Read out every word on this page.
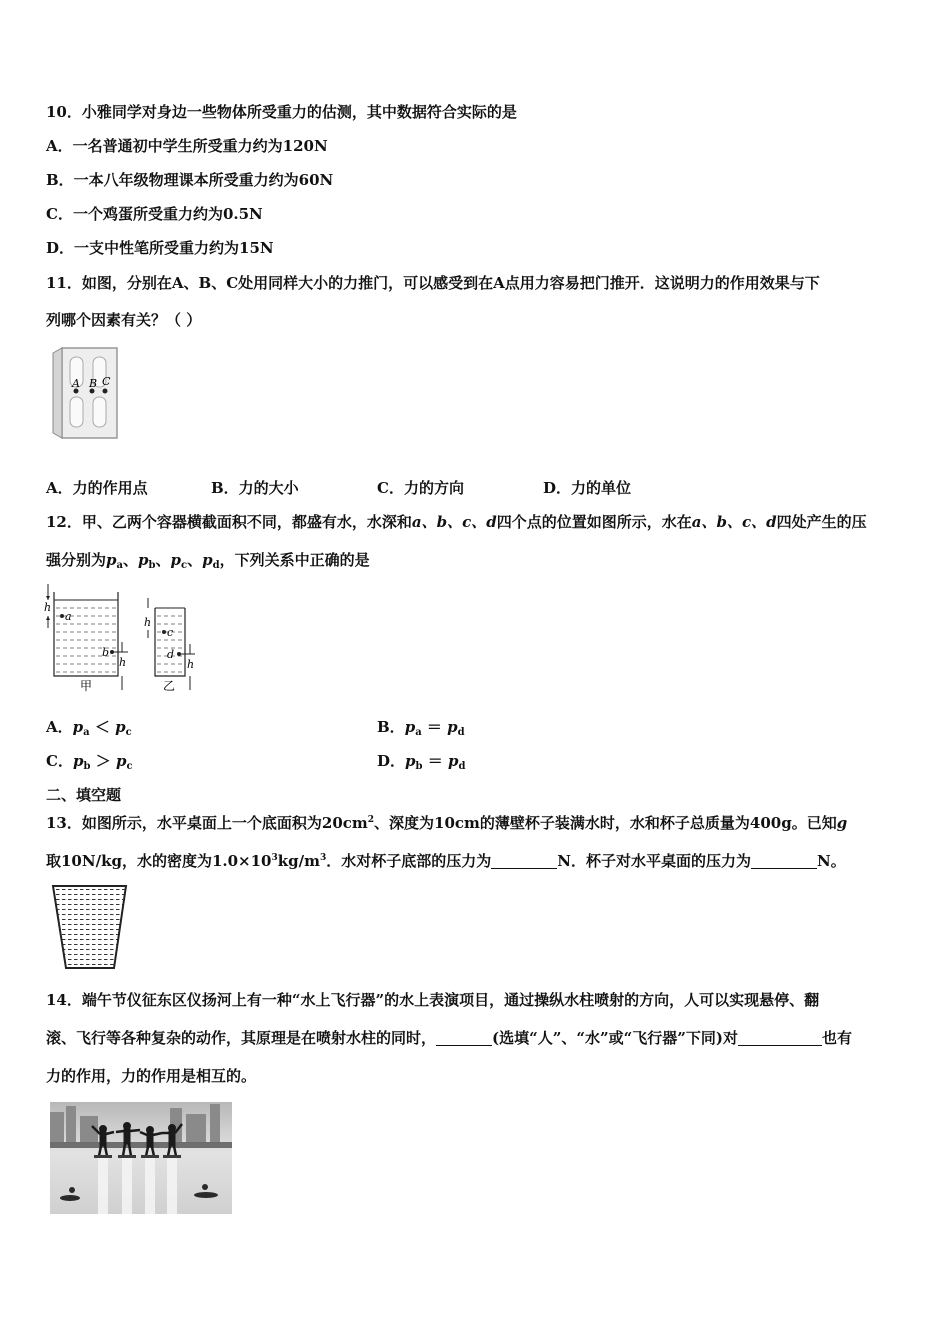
10．小雅同学对身边一些物体所受重力的估测，其中数据符合实际的是
A．一名普通初中学生所受重力约为120N
B．一本八年级物理课本所受重力约为60N
C．一个鸡蛋所受重力约为0.5N
D．一支中性笔所受重力约为15N
11．如图，分别在A、B、C处用同样大小的力推门，可以感受到在A点用力容易把门推开．这说明力的作用效果与下
列哪个因素有关？（ ）
A B C
A．力的作用点	B．力的大小	C．力的方向	D．力的单位
12．甲、乙两个容器横截面积不同，都盛有水，水深和a、b、c、d四个点的位置如图所示，水在a、b、c、d四处产生的压
强分别为$p_a$、$p_b$、$p_c$、$p_d$，下列关系中正确的是
h
a
b
h
甲
h
c
d
h
乙
A．$p_a < p_c$	B．$p_a = p_d$
C．$p_b > p_c$	D．$p_b = p_d$
二、填空题
13．如图所示，水平桌面上一个底面积为$20cm^2$、深度为10cm的薄壁杯子装满水时，水和杯子总质量为400g。已知g
取10N/kg，水的密度为$1.0\times 10^3kg/m^3$．水对杯子底部的压力为	N．杯子对水平桌面的压力为	N。
14．端午节仪征东区仪扬河上有一种“水上飞行器”的水上表演项目，通过操纵水柱喷射的方向，人可以实现悬停、翻
滚、飞行等各种复杂的动作，其原理是在喷射水柱的同时，	(选填“人”、“水”或“飞行器”下同)对	也有
力的作用，力的作用是相互的。
